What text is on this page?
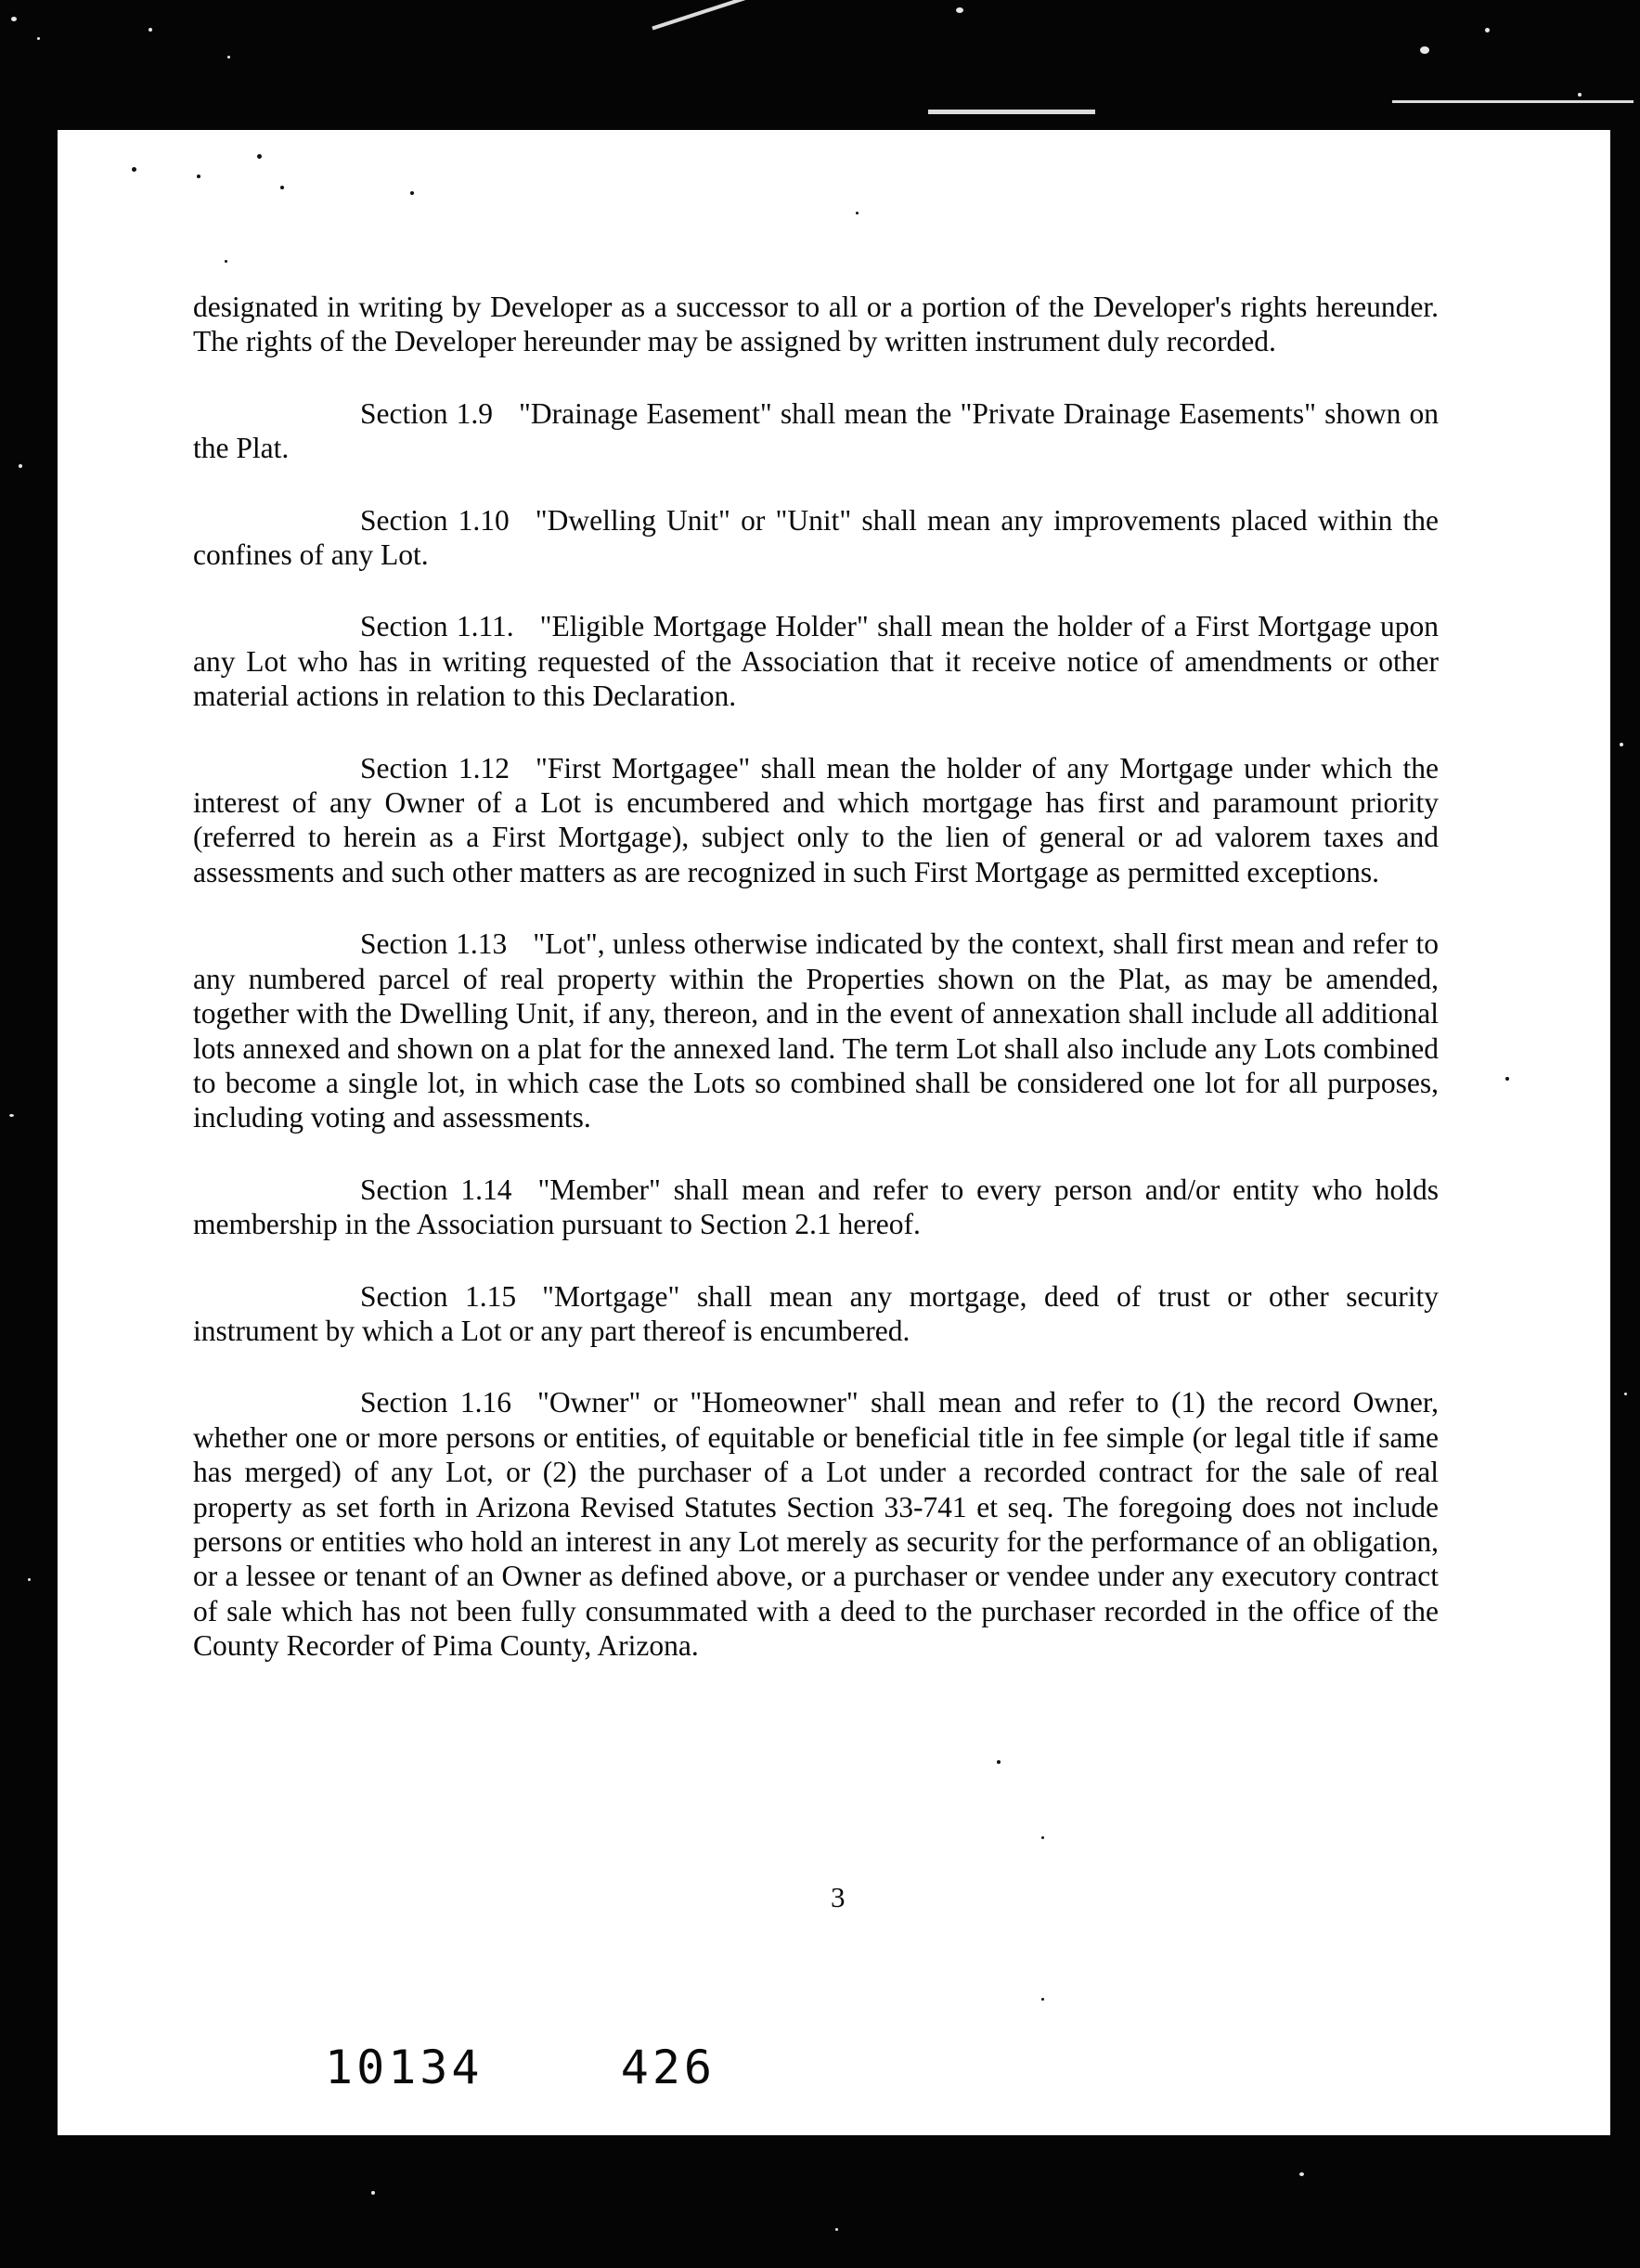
designated in writing by Developer as a successor to all or a portion of the Developer's rights hereunder. The rights of the Developer hereunder may be assigned by written instrument duly recorded.

Section 1.9 "Drainage Easement" shall mean the "Private Drainage Easements" shown on the Plat.

Section 1.10 "Dwelling Unit" or "Unit" shall mean any improvements placed within the confines of any Lot.

Section 1.11. "Eligible Mortgage Holder" shall mean the holder of a First Mortgage upon any Lot who has in writing requested of the Association that it receive notice of amendments or other material actions in relation to this Declaration.

Section 1.12 "First Mortgagee" shall mean the holder of any Mortgage under which the interest of any Owner of a Lot is encumbered and which mortgage has first and paramount priority (referred to herein as a First Mortgage), subject only to the lien of general or ad valorem taxes and assessments and such other matters as are recognized in such First Mortgage as permitted exceptions.

Section 1.13 "Lot", unless otherwise indicated by the context, shall first mean and refer to any numbered parcel of real property within the Properties shown on the Plat, as may be amended, together with the Dwelling Unit, if any, thereon, and in the event of annexation shall include all additional lots annexed and shown on a plat for the annexed land. The term Lot shall also include any Lots combined to become a single lot, in which case the Lots so combined shall be considered one lot for all purposes, including voting and assessments.

Section 1.14 "Member" shall mean and refer to every person and/or entity who holds membership in the Association pursuant to Section 2.1 hereof.

Section 1.15 "Mortgage" shall mean any mortgage, deed of trust or other security instrument by which a Lot or any part thereof is encumbered.

Section 1.16 "Owner" or "Homeowner" shall mean and refer to (1) the record Owner, whether one or more persons or entities, of equitable or beneficial title in fee simple (or legal title if same has merged) of any Lot, or (2) the purchaser of a Lot under a recorded contract for the sale of real property as set forth in Arizona Revised Statutes Section 33-741 et seq. The foregoing does not include persons or entities who hold an interest in any Lot merely as security for the performance of an obligation, or a lessee or tenant of an Owner as defined above, or a purchaser or vendee under any executory contract of sale which has not been fully consummated with a deed to the purchaser recorded in the office of the County Recorder of Pima County, Arizona.

3
10134  426
